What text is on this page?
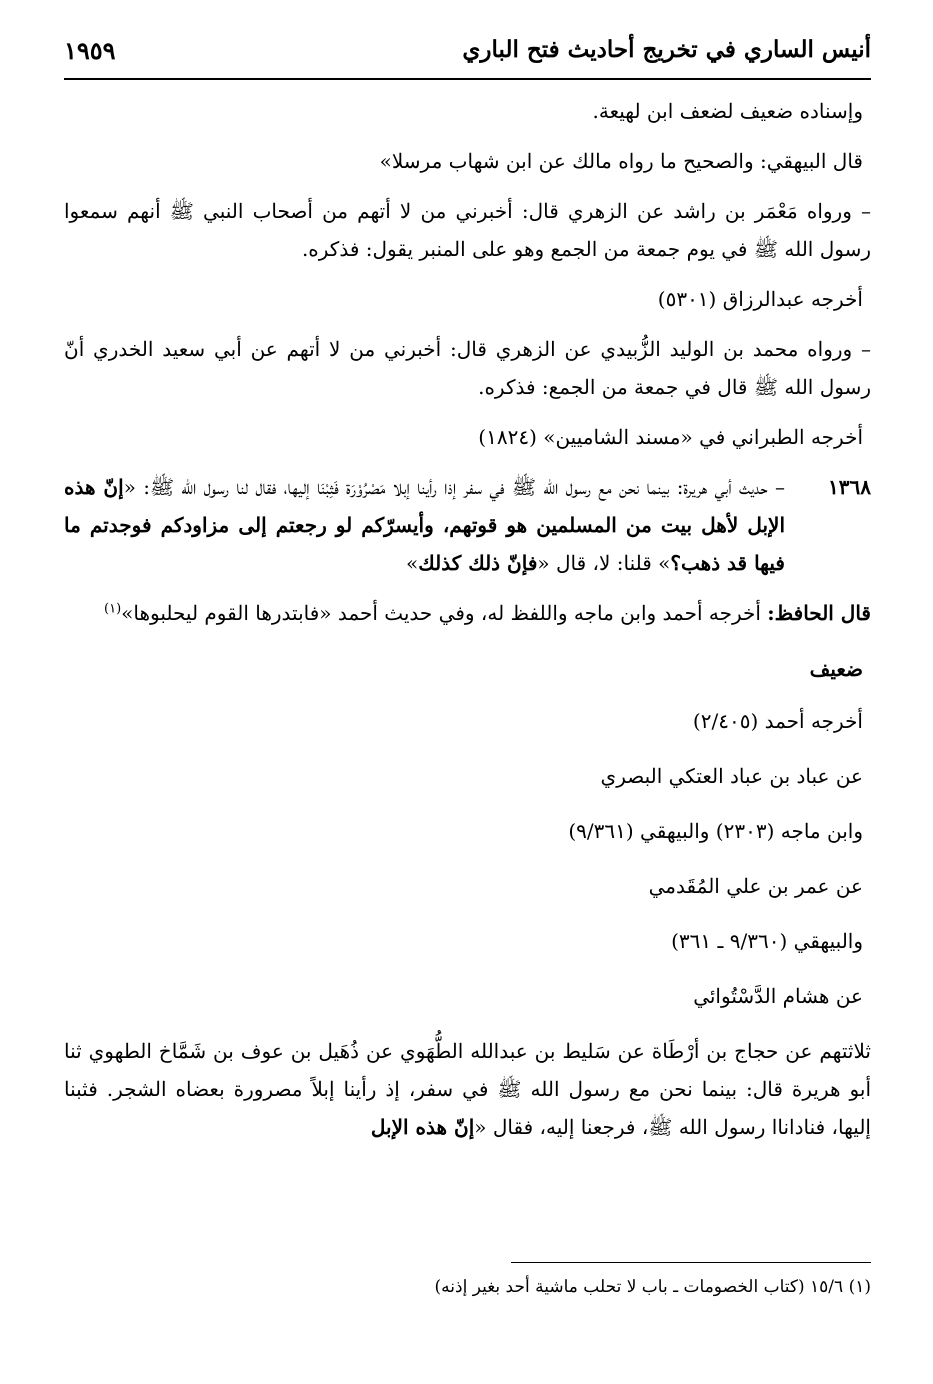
أنيس الساري في تخريج أحاديث فتح الباري
١٩٥٩

وإسناده ضعيف لضعف ابن لهيعة.

قال البيهقي: والصحيح ما رواه مالك عن ابن شهاب مرسلا»

– ورواه مَعْمَر بن راشد عن الزهري قال: أخبرني من لا أتهم من أصحاب النبي ﷺ أنهم سمعوا رسول الله ﷺ في يوم جمعة من الجمع وهو على المنبر يقول: فذكره.

أخرجه عبدالرزاق (٥٣٠١)

– ورواه محمد بن الوليد الزُّبيدي عن الزهري قال: أخبرني من لا أتهم عن أبي سعيد الخدري أنّ رسول الله ﷺ قال في جمعة من الجمع: فذكره.

أخرجه الطبراني في «مسند الشاميين» (١٨٢٤)

١٣٦٨
– حديث أبي هريرة: بينما نحن مع رسول الله ﷺ في سفر إذا رأينا إبلا مَصْرُوْرَة فَثِبْنَا إليها، فقال لنا رسول الله ﷺ: «إنّ هذه الإبل لأهل بيت من المسلمين هو قوتهم، وأيسرّكم لو رجعتم إلى مزاودكم فوجدتم ما فيها قد ذهب؟» قلنا: لا، قال «فإنّ ذلك كذلك»

قال الحافظ: أخرجه أحمد وابن ماجه واللفظ له، وفي حديث أحمد «فابتدرها القوم ليحلبوها»$^{(١)}$

ضعيف

أخرجه أحمد (٢/٤٠٥)

عن عباد بن عباد العتكي البصري

وابن ماجه (٢٣٠٣) والبيهقي (٩/٣٦١)

عن عمر بن علي المُقَدمي

والبيهقي (٩/٣٦٠ ـ ٣٦١)

عن هشام الدَّسْتُوائي

ثلاثتهم عن حجاج بن أرْطَاة عن سَليط بن عبدالله الطُّهَوي عن ذُهَيل بن عوف بن شَمَّاخ الطهوي ثنا أبو هريرة قال: بينما نحن مع رسول الله ﷺ في سفر، إذ رأينا إبلاً مصرورة بعضاه الشجر. فثبنا إليها، فناداناا رسول الله ﷺ، فرجعنا إليه، فقال «إنّ هذه الإبل

(١) ١٥/٦ (كتاب الخصومات ـ باب لا تحلب ماشية أحد بغير إذنه)
